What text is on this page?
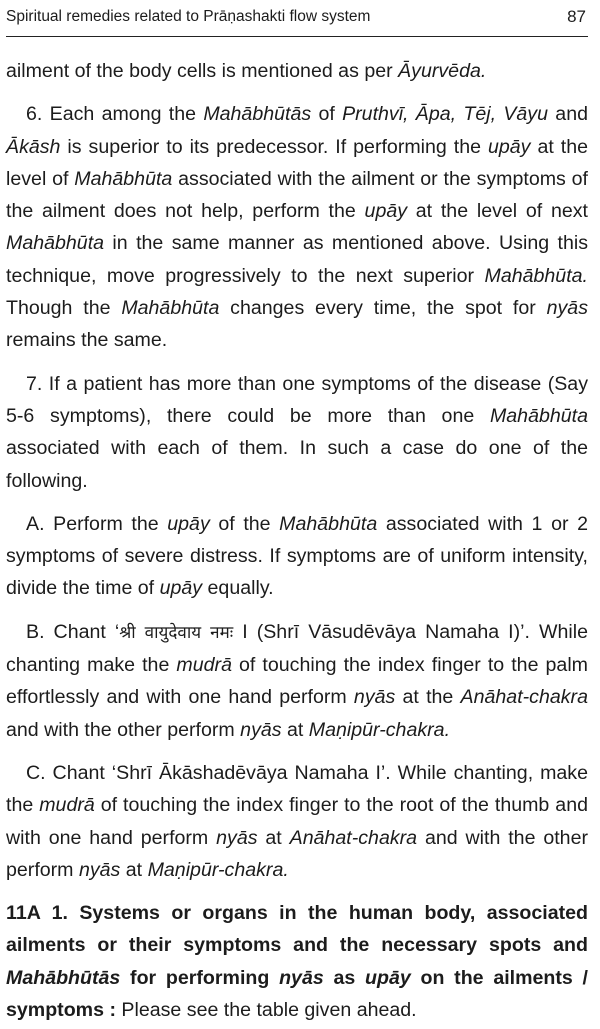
Spiritual remedies related to Prāṇashakti flow system	87

ailment of the body cells is mentioned as per Āyurvēda.

6. Each among the Mahābhūtās of Pruthvī, Āpa, Tēj, Vāyu and Ākāsh is superior to its predecessor. If performing the upāy at the level of Mahābhūta associated with the ailment or the symptoms of the ailment does not help, perform the upāy at the level of next Mahābhūta in the same manner as mentioned above. Using this technique, move progressively to the next superior Mahābhūta. Though the Mahābhūta changes every time, the spot for nyās remains the same.

7. If a patient has more than one symptoms of the disease (Say 5-6 symptoms), there could be more than one Mahābhūta associated with each of them. In such a case do one of the following.

A. Perform the upāy of the Mahābhūta associated with 1 or 2 symptoms of severe distress. If symptoms are of uniform intensity, divide the time of upāy equally.

B. Chant ‘श्री वायुदेवाय नमः I (Shrī Vāsudēvāya Namaha I)’. While chanting make the mudrā of touching the index finger to the palm effortlessly and with one hand perform nyās at the Anāhat-chakra and with the other perform nyās at Maṇipūr-chakra.

C. Chant ‘Shrī Ākāshadēvāya Namaha I’. While chanting, make the mudrā of touching the index finger to the root of the thumb and with one hand perform nyās at Anāhat-chakra and with the other perform nyās at Maṇipūr-chakra.

11A 1. Systems or organs in the human body, associated ailments or their symptoms and the necessary spots and Mahābhūtās for performing nyās as upāy on the ailments / symptoms : Please see the table given ahead.
